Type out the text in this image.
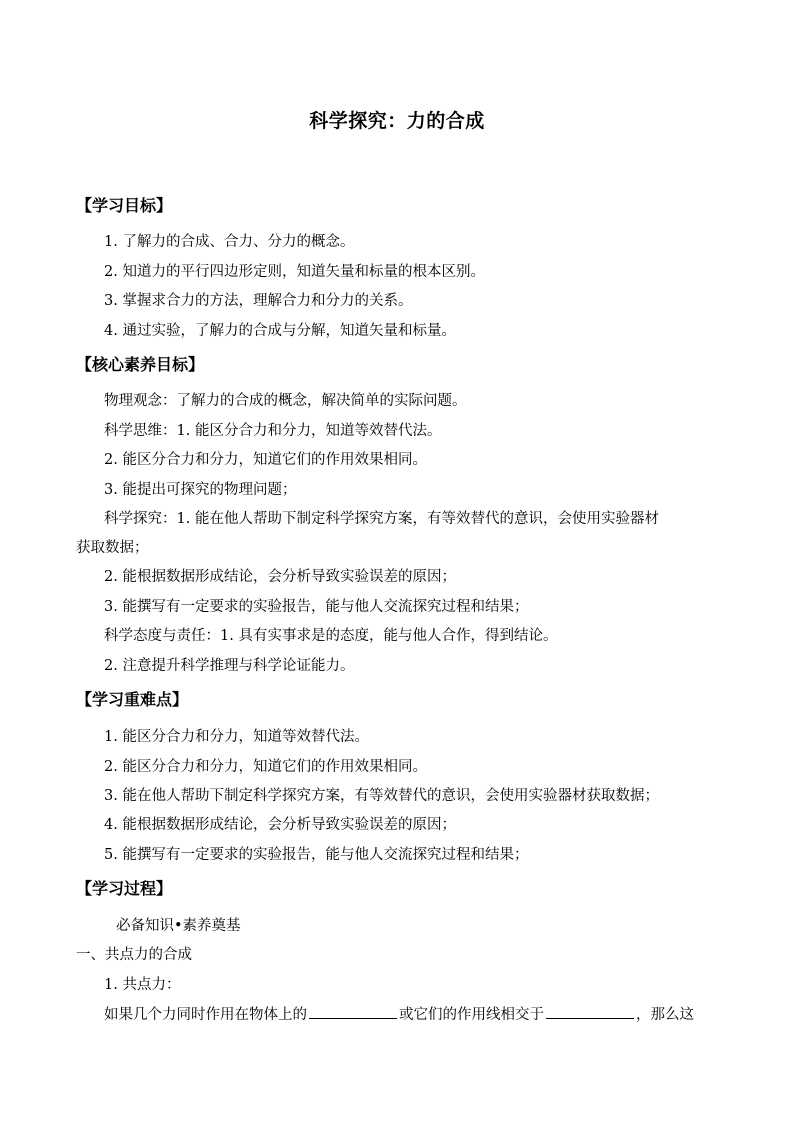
科学探究：力的合成
【学习目标】
1. 了解力的合成、合力、分力的概念。
2. 知道力的平行四边形定则，知道矢量和标量的根本区别。
3. 掌握求合力的方法，理解合力和分力的关系。
4. 通过实验，了解力的合成与分解，知道矢量和标量。
【核心素养目标】
物理观念：了解力的合成的概念，解决简单的实际问题。
科学思维：1. 能区分合力和分力，知道等效替代法。
2. 能区分合力和分力，知道它们的作用效果相同。
3. 能提出可探究的物理问题；
科学探究：1. 能在他人帮助下制定科学探究方案，有等效替代的意识，会使用实验器材
获取数据；
2. 能根据数据形成结论，会分析导致实验误差的原因；
3. 能撰写有一定要求的实验报告，能与他人交流探究过程和结果；
科学态度与责任：1. 具有实事求是的态度，能与他人合作，得到结论。
2. 注意提升科学推理与科学论证能力。
【学习重难点】
1. 能区分合力和分力，知道等效替代法。
2. 能区分合力和分力，知道它们的作用效果相同。
3. 能在他人帮助下制定科学探究方案，有等效替代的意识，会使用实验器材获取数据；
4. 能根据数据形成结论，会分析导致实验误差的原因；
5. 能撰写有一定要求的实验报告，能与他人交流探究过程和结果；
【学习过程】
必备知识•素养奠基
一、共点力的合成
1. 共点力：
如果几个力同时作用在物体上的	或它们的作用线相交于	，那么这
